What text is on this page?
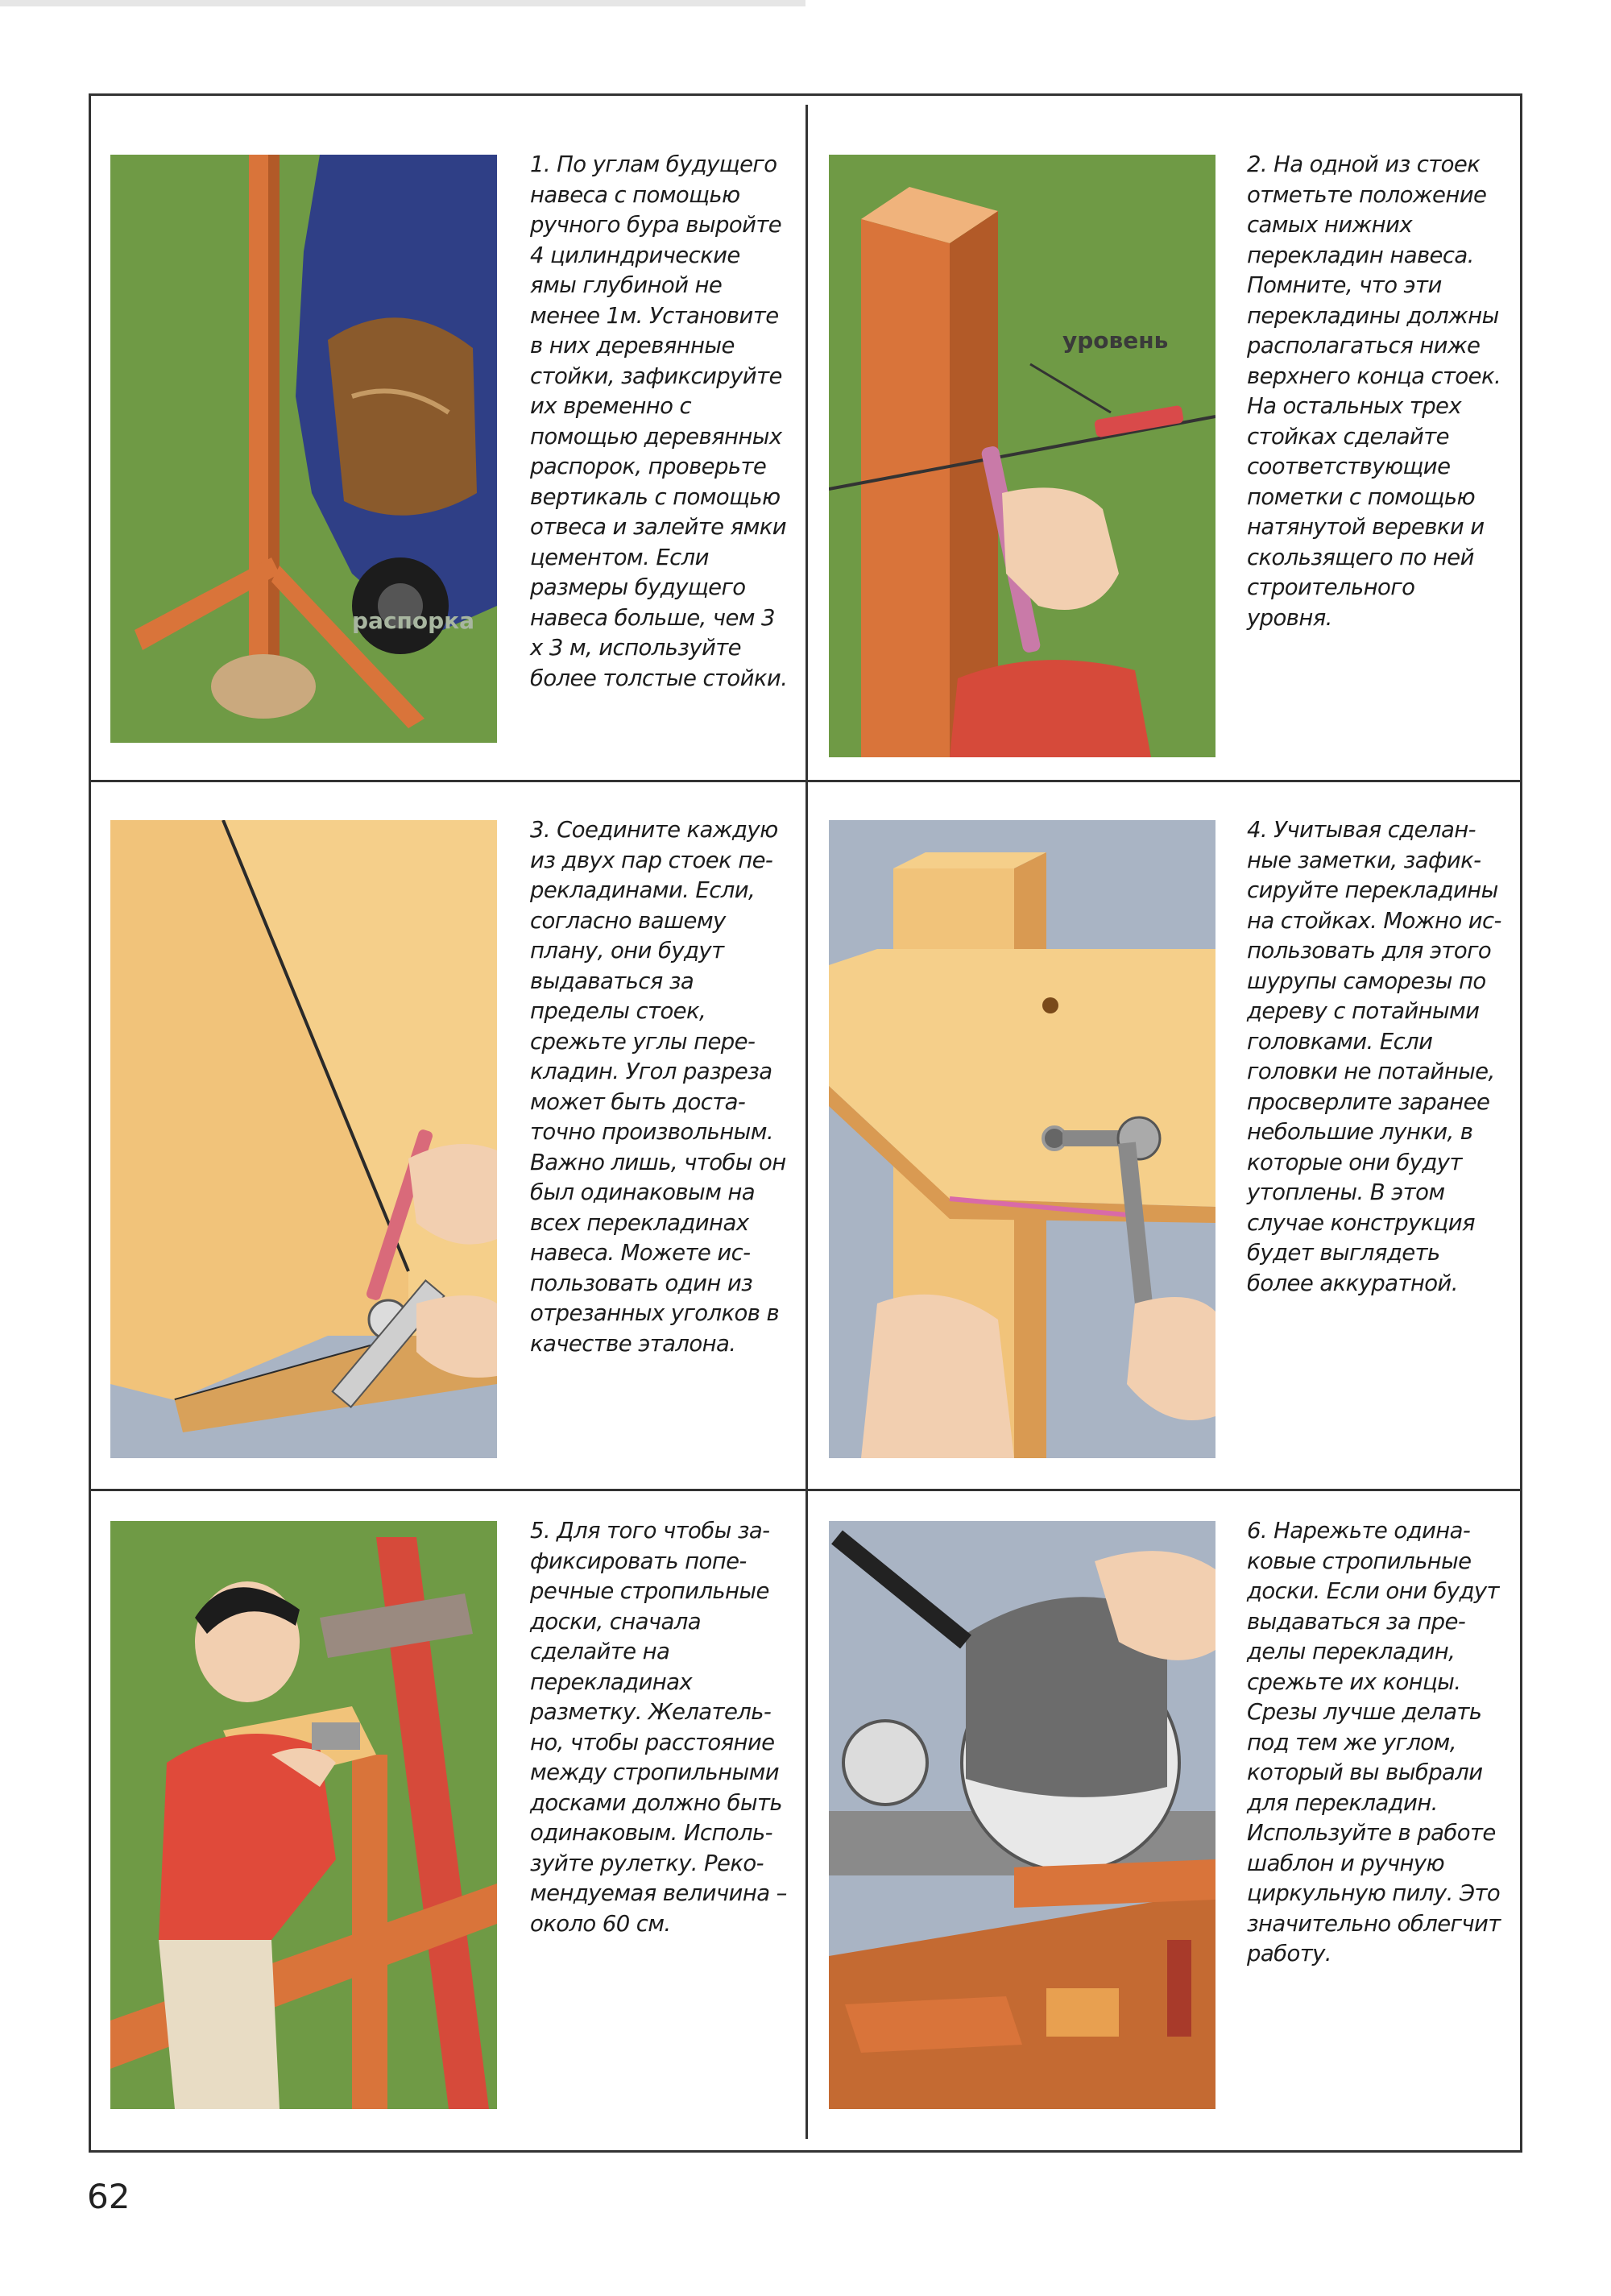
распорка
уровень

1. По углам будущего навеса с помощью ручного бура выройте 4 цилиндрические ямы глубиной не менее 1м. Установите в них деревянные стойки, зафиксируйте их временно с помощью деревянных распорок, проверьте вертикаль с помощью отвеса и залейте ямки цементом. Если размеры будущего навеса больше, чем 3 х 3 м, используйте более толстые стойки.

2. На одной из стоек отметьте положение самых нижних перекладин навеса. Помните, что эти перекладины должны располагаться ниже верхнего конца стоек. На остальных трех стойках сделайте соответствующие пометки с помощью натянутой веревки и скользящего по ней строительного уровня.

3. Соедините каждую из двух пар стоек перекладинами. Если, согласно вашему плану, они будут выдаваться за пределы стоек, срежьте углы перекладин. Угол разреза может быть достаточно произвольным. Важно лишь, чтобы он был одинаковым на всех перекладинах навеса. Можете использовать один из отрезанных уголков в качестве эталона.

4. Учитывая сделанные заметки, зафиксируйте перекладины на стойках. Можно использовать для этого шурупы саморезы по дереву с потайными головками. Если головки не потайные, просверлите заранее небольшие лунки, в которые они будут утоплены. В этом случае конструкция будет выглядеть более аккуратной.

5. Для того чтобы зафиксировать поперечные стропильные доски, сначала сделайте на перекладинах разметку. Желательно, чтобы расстояние между стропильными досками должно быть одинаковым. Используйте рулетку. Рекомендуемая величина – около 60 см.

6. Нарежьте одинаковые стропильные доски. Если они будут выдаваться за пределы перекладин, срежьте их концы. Срезы лучше делать под тем же углом, который вы выбрали для перекладин. Используйте в работе шаблон и ручную циркульную пилу. Это значительно облегчит работу.

62
